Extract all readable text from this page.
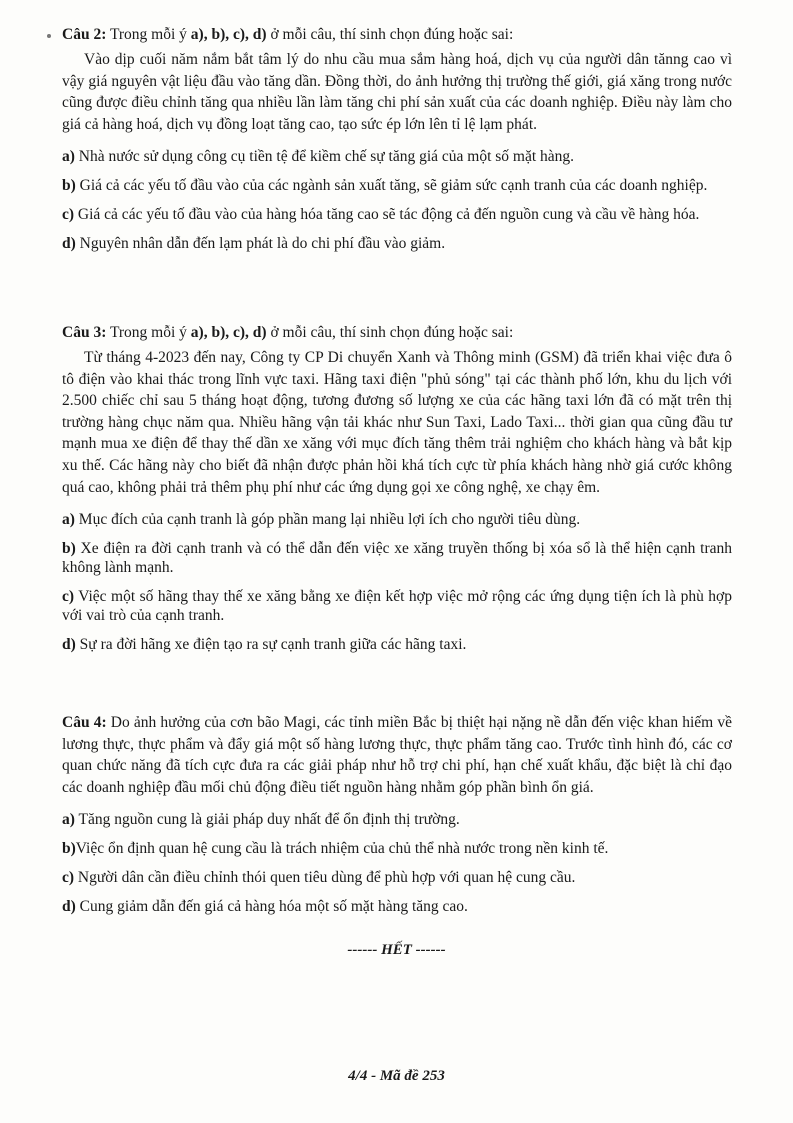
Câu 2: Trong mỗi ý a), b), c), d) ở mỗi câu, thí sinh chọn đúng hoặc sai:

Vào dịp cuối năm nắm bắt tâm lý do nhu cầu mua sắm hàng hoá, dịch vụ của người dân tănng cao vì vậy giá nguyên vật liệu đầu vào tăng dần. Đồng thời, do ảnh hưởng thị trường thế giới, giá xăng trong nước cũng được điều chỉnh tăng qua nhiều lần làm tăng chi phí sản xuất của các doanh nghiệp. Điều này làm cho giá cả hàng hoá, dịch vụ đồng loạt tăng cao, tạo sức ép lớn lên tỉ lệ lạm phát.

a) Nhà nước sử dụng công cụ tiền tệ để kiềm chế sự tăng giá của một số mặt hàng.

b) Giá cả các yếu tố đầu vào của các ngành sản xuất tăng, sẽ giảm sức cạnh tranh của các doanh nghiệp.

c) Giá cả các yếu tố đầu vào của hàng hóa tăng cao sẽ tác động cả đến nguồn cung và cầu về hàng hóa.

d) Nguyên nhân dẫn đến lạm phát là do chi phí đầu vào giảm.

Câu 3: Trong mỗi ý a), b), c), d) ở mỗi câu, thí sinh chọn đúng hoặc sai:

Từ tháng 4-2023 đến nay, Công ty CP Di chuyển Xanh và Thông minh (GSM) đã triển khai việc đưa ô tô điện vào khai thác trong lĩnh vực taxi. Hãng taxi điện "phủ sóng" tại các thành phố lớn, khu du lịch với 2.500 chiếc chỉ sau 5 tháng hoạt động, tương đương số lượng xe của các hãng taxi lớn đã có mặt trên thị trường hàng chục năm qua. Nhiều hãng vận tải khác như Sun Taxi, Lado Taxi... thời gian qua cũng đầu tư mạnh mua xe điện để thay thế dần xe xăng với mục đích tăng thêm trải nghiệm cho khách hàng và bắt kịp xu thế. Các hãng này cho biết đã nhận được phản hồi khá tích cực từ phía khách hàng nhờ giá cước không quá cao, không phải trả thêm phụ phí như các ứng dụng gọi xe công nghệ, xe chạy êm.

a) Mục đích của cạnh tranh là góp phần mang lại nhiều lợi ích cho người tiêu dùng.

b) Xe điện ra đời cạnh tranh và có thể dẫn đến việc xe xăng truyền thống bị xóa sổ là thể hiện cạnh tranh không lành mạnh.

c) Việc một số hãng thay thế xe xăng bằng xe điện kết hợp việc mở rộng các ứng dụng tiện ích là phù hợp với vai trò của cạnh tranh.

d) Sự ra đời hãng xe điện tạo ra sự cạnh tranh giữa các hãng taxi.

Câu 4: Do ảnh hưởng của cơn bão Magi, các tỉnh miền Bắc bị thiệt hại nặng nề dẫn đến việc khan hiếm về lương thực, thực phẩm và đẩy giá một số hàng lương thực, thực phẩm tăng cao. Trước tình hình đó, các cơ quan chức năng đã tích cực đưa ra các giải pháp như hỗ trợ chi phí, hạn chế xuất khẩu, đặc biệt là chỉ đạo các doanh nghiệp đầu mối chủ động điều tiết nguồn hàng nhằm góp phần bình ổn giá.

a) Tăng nguồn cung là giải pháp duy nhất để ổn định thị trường.

b)Việc ổn định quan hệ cung cầu là trách nhiệm của chủ thể nhà nước trong nền kinh tế.

c) Người dân cần điều chỉnh thói quen tiêu dùng để phù hợp với quan hệ cung cầu.

d) Cung giảm dẫn đến giá cả hàng hóa một số mặt hàng tăng cao.

------ HẾT ------
4/4 - Mã đề 253
